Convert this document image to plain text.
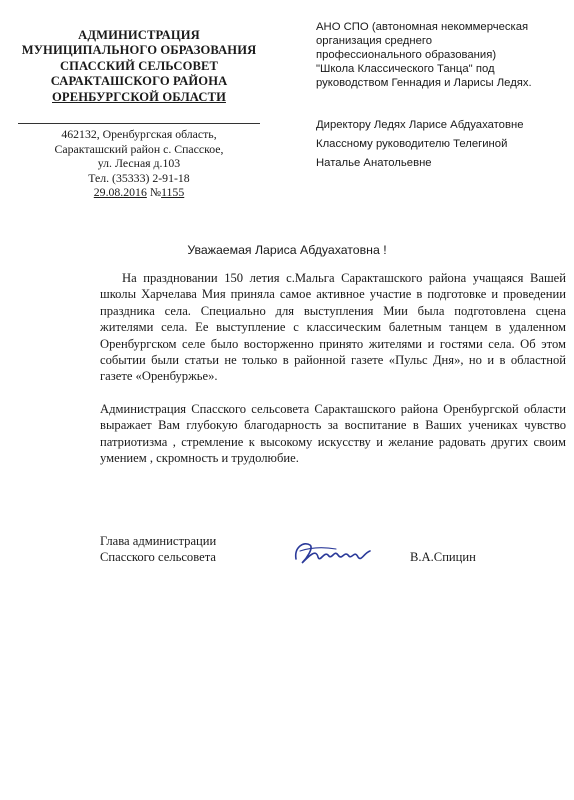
АДМИНИСТРАЦИЯ
МУНИЦИПАЛЬНОГО ОБРАЗОВАНИЯ
СПАССКИЙ СЕЛЬСОВЕТ
САРАКТАШСКОГО РАЙОНА
ОРЕНБУРГСКОЙ ОБЛАСТИ
462132, Оренбургская область,
Саракташский район с. Спасское,
ул. Лесная д.103
Тел. (35333) 2-91-18
29.08.2016 №1155
АНО СПО (автономная некоммерческая
организация среднего
профессионального образования)
"Школа Классического Танца" под
руководством Геннадия и Ларисы Ледях.
Директору Ледях Ларисе Абдуахатовне
Классному руководителю Телегиной
Наталье Анатольевне
Уважаемая Лариса Абдуахатовна !

На праздновании 150 летия с.Мальга Саракташского района учащаяся Вашей школы Харчелава Мия приняла самое активное участие в подготовке и проведении праздника села. Специально для выступления Мии была подготовлена сцена жителями села. Ее выступление с классическим балетным танцем в удаленном Оренбургском селе было восторженно принято жителями и гостями села. Об этом событии были статьи не только в районной газете «Пульс Дня», но и в областной газете «Оренбуржье».

Администрация Спасского сельсовета Саракташского района Оренбургской области выражает Вам глубокую благодарность за воспитание в Ваших учениках чувство патриотизма , стремление к высокому искусству и желание радовать других своим умением , скромность и трудолюбие.

Глава администрации
Спасского сельсовета	В.А.Спицин
